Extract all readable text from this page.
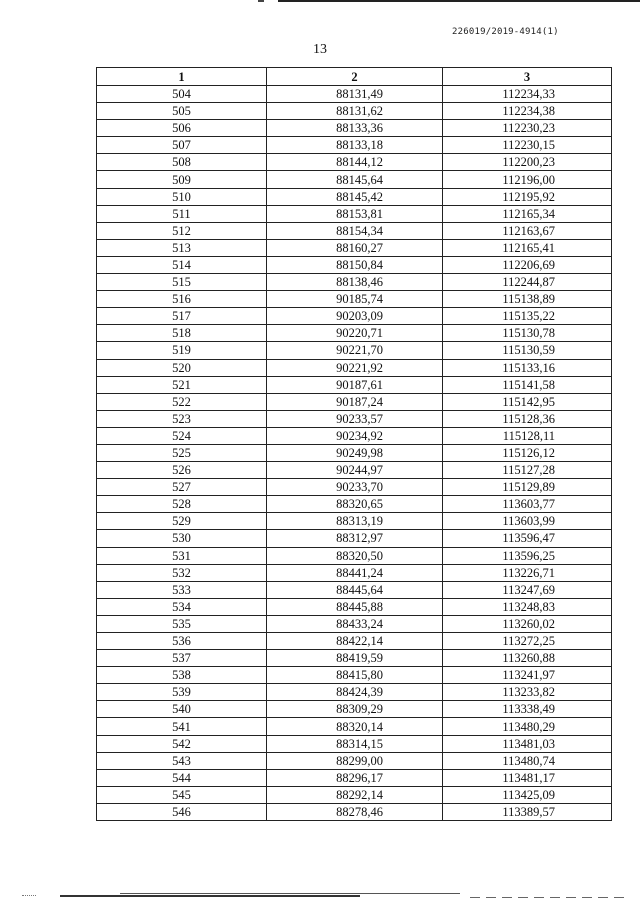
226019/2019-4914(1)
13
1	2	3
504	88131,49	112234,33
505	88131,62	112234,38
506	88133,36	112230,23
507	88133,18	112230,15
508	88144,12	112200,23
509	88145,64	112196,00
510	88145,42	112195,92
511	88153,81	112165,34
512	88154,34	112163,67
513	88160,27	112165,41
514	88150,84	112206,69
515	88138,46	112244,87
516	90185,74	115138,89
517	90203,09	115135,22
518	90220,71	115130,78
519	90221,70	115130,59
520	90221,92	115133,16
521	90187,61	115141,58
522	90187,24	115142,95
523	90233,57	115128,36
524	90234,92	115128,11
525	90249,98	115126,12
526	90244,97	115127,28
527	90233,70	115129,89
528	88320,65	113603,77
529	88313,19	113603,99
530	88312,97	113596,47
531	88320,50	113596,25
532	88441,24	113226,71
533	88445,64	113247,69
534	88445,88	113248,83
535	88433,24	113260,02
536	88422,14	113272,25
537	88419,59	113260,88
538	88415,80	113241,97
539	88424,39	113233,82
540	88309,29	113338,49
541	88320,14	113480,29
542	88314,15	113481,03
543	88299,00	113480,74
544	88296,17	113481,17
545	88292,14	113425,09
546	88278,46	113389,57
